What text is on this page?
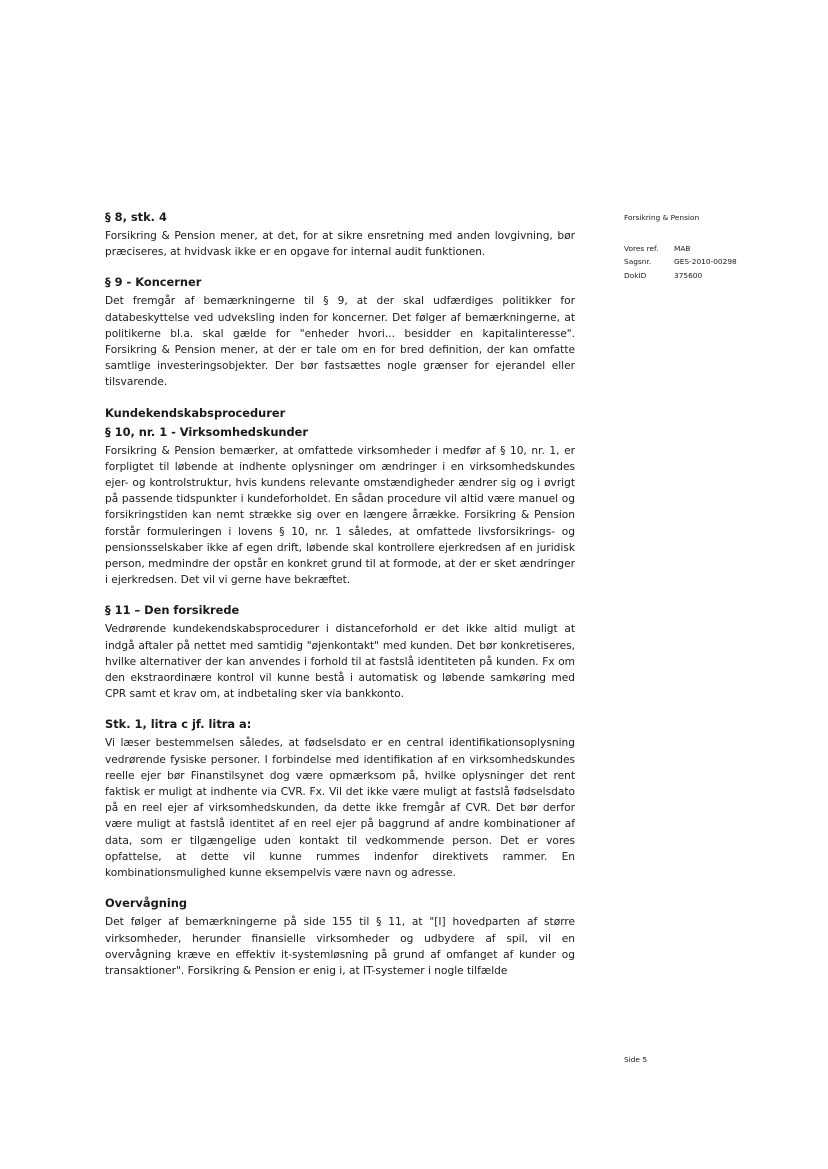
§ 8, stk. 4

Forsikring & Pension mener, at det, for at sikre ensretning med anden lovgivning, bør præciseres, at hvidvask ikke er en opgave for internal audit funktionen.

§ 9 - Koncerner

Det fremgår af bemærkningerne til § 9, at der skal udfærdiges politikker for databeskyttelse ved udveksling inden for koncerner. Det følger af bemærkningerne, at politikerne bl.a. skal gælde for "enheder hvori... besidder en kapitalinteresse". Forsikring & Pension mener, at der er tale om en for bred definition, der kan omfatte samtlige investeringsobjekter. Der bør fastsættes nogle grænser for ejerandel eller tilsvarende.

Kundekendskabsprocedurer
§ 10, nr. 1 - Virksomhedskunder

Forsikring & Pension bemærker, at omfattede virksomheder i medfør af § 10, nr. 1, er forpligtet til løbende at indhente oplysninger om ændringer i en virksomhedskundes ejer- og kontrolstruktur, hvis kundens relevante omstændigheder ændrer sig og i øvrigt på passende tidspunkter i kundeforholdet. En sådan procedure vil altid være manuel og forsikringstiden kan nemt strække sig over en længere årrække. Forsikring & Pension forstår formuleringen i lovens § 10, nr. 1 således, at omfattede livsforsikrings- og pensionsselskaber ikke af egen drift, løbende skal kontrollere ejerkredsen af en juridisk person, medmindre der opstår en konkret grund til at formode, at der er sket ændringer i ejerkredsen. Det vil vi gerne have bekræftet.

§ 11 – Den forsikrede

Vedrørende kundekendskabsprocedurer i distanceforhold er det ikke altid muligt at indgå aftaler på nettet med samtidig "øjenkontakt" med kunden. Det bør konkretiseres, hvilke alternativer der kan anvendes i forhold til at fastslå identiteten på kunden. Fx om den ekstraordinære kontrol vil kunne bestå i automatisk og løbende samkøring med CPR samt et krav om, at indbetaling sker via bankkonto.

Stk. 1, litra c jf. litra a:

Vi læser bestemmelsen således, at fødselsdato er en central identifikationsoplysning vedrørende fysiske personer. I forbindelse med identifikation af en virksomhedskundes reelle ejer bør Finanstilsynet dog være opmærksom på, hvilke oplysninger det rent faktisk er muligt at indhente via CVR. Fx. Vil det ikke være muligt at fastslå fødselsdato på en reel ejer af virksomhedskunden, da dette ikke fremgår af CVR. Det bør derfor være muligt at fastslå identitet af en reel ejer på baggrund af andre kombinationer af data, som er tilgængelige uden kontakt til vedkommende person. Det er vores opfattelse, at dette vil kunne rummes indenfor direktivets rammer. En kombinationsmulighed kunne eksempelvis være navn og adresse.

Overvågning

Det følger af bemærkningerne på side 155 til § 11, at "[I] hovedparten af større virksomheder, herunder finansielle virksomheder og udbydere af spil, vil en overvågning kræve en effektiv it-systemløsning på grund af omfanget af kunder og transaktioner". Forsikring & Pension er enig i, at IT-systemer i nogle tilfælde

Forsikring & Pension
Vores ref.	MAB
Sagsnr.	GES-2010-00298
DokID	375600
Side 5
